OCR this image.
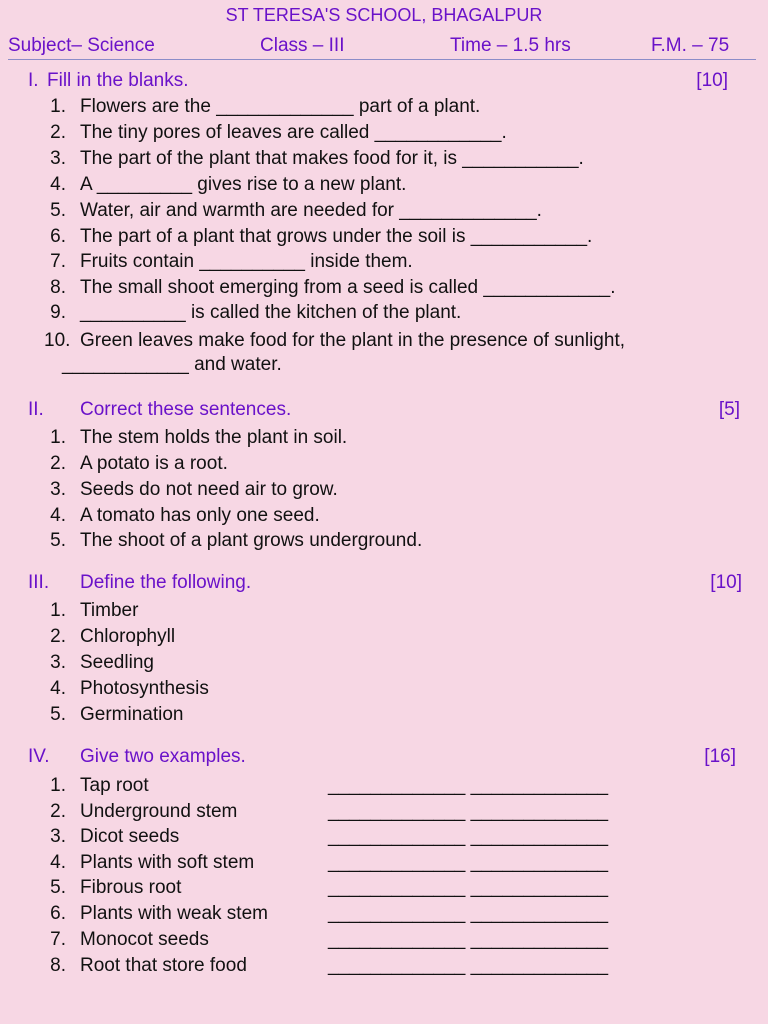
ST TERESA'S SCHOOL, BHAGALPUR
Subject– Science	Class – III	Time – 1.5 hrs	F.M. – 75
I. Fill in the blanks.	[10]
1. Flowers are the _____________ part of a plant.
2. The tiny pores of leaves are called ____________.
3. The part of the plant that makes food for it, is ___________.
4. A _________ gives rise to a new plant.
5. Water, air and warmth are needed for _____________.
6. The part of a plant that grows under the soil is ___________.
7. Fruits contain __________ inside them.
8. The small shoot emerging from a seed is called ____________.
9. __________ is called the kitchen of the plant.
10. Green leaves make food for the plant in the presence of sunlight,
____________ and water.
II. Correct these sentences.	[5]
1. The stem holds the plant in soil.
2. A potato is a root.
3. Seeds do not need air to grow.
4. A tomato has only one seed.
5. The shoot of a plant grows underground.
III. Define the following.	[10]
1. Timber
2. Chlorophyll
3. Seedling
4. Photosynthesis
5. Germination
IV. Give two examples.	[16]
1. Tap root	_____________ _____________
2. Underground stem	_____________ _____________
3. Dicot seeds	_____________ _____________
4. Plants with soft stem	_____________ _____________
5. Fibrous root	_____________ _____________
6. Plants with weak stem	_____________ _____________
7. Monocot seeds	_____________ _____________
8. Root that store food	_____________ _____________
